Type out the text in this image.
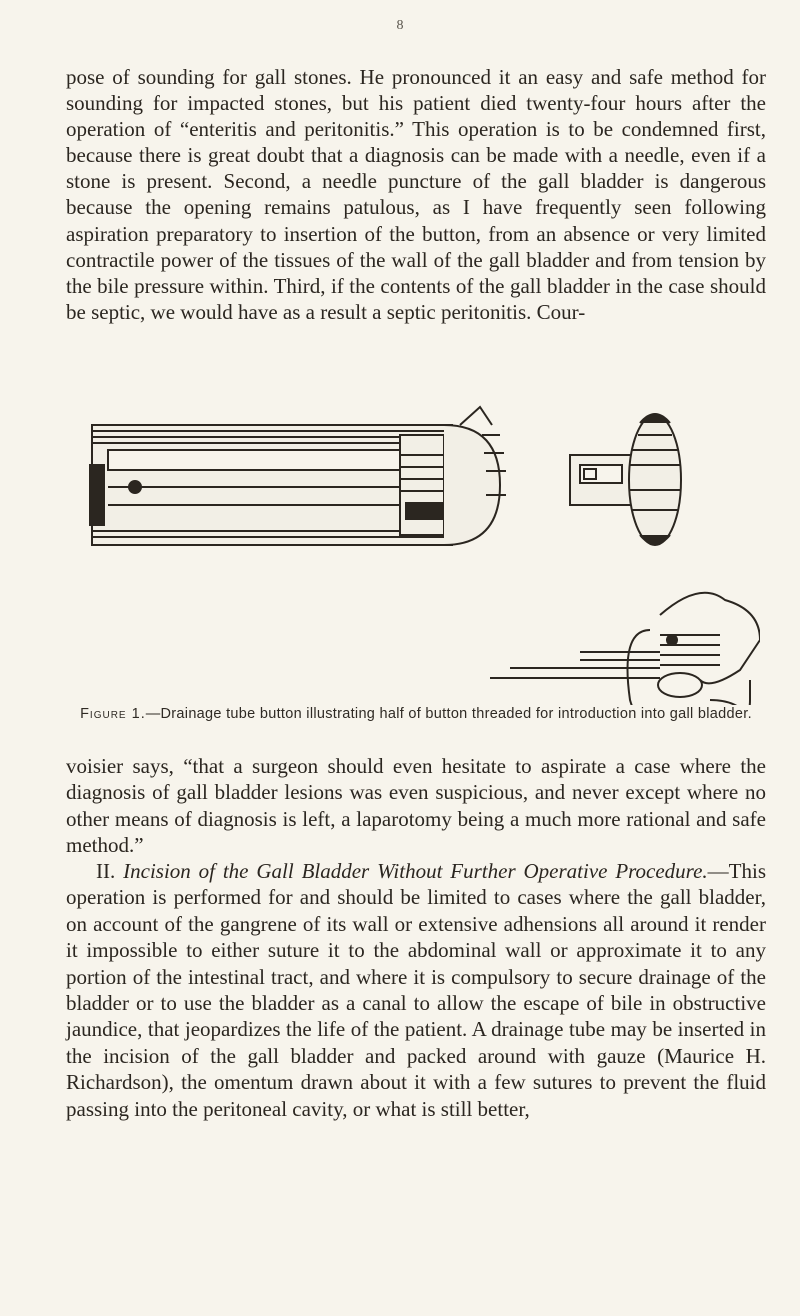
8

pose of sounding for gall stones. He pronounced it an easy and safe method for sounding for impacted stones, but his patient died twenty-four hours after the operation of “enteritis and peritonitis.” This operation is to be condemned first, because there is great doubt that a diagnosis can be made with a needle, even if a stone is present. Second, a needle puncture of the gall bladder is dangerous because the opening remains patulous, as I have frequently seen following aspiration preparatory to insertion of the button, from an absence or very limited contractile power of the tissues of the wall of the gall bladder and from tension by the bile pressure within. Third, if the contents of the gall bladder in the case should be septic, we would have as a result a septic peritonitis. Cour-

Figure 1.—Drainage tube button illustrating half of button threaded for introduction into gall bladder.

voisier says, “that a surgeon should even hesitate to aspirate a case where the diagnosis of gall bladder lesions was even suspicious, and never except where no other means of diagnosis is left, a laparotomy being a much more rational and safe method.”

II. Incision of the Gall Bladder Without Further Operative Procedure.—This operation is performed for and should be limited to cases where the gall bladder, on account of the gangrene of its wall or extensive adhensions all around it render it impossible to either suture it to the abdominal wall or approximate it to any portion of the intestinal tract, and where it is compulsory to secure drainage of the bladder or to use the bladder as a canal to allow the escape of bile in obstructive jaundice, that jeopardizes the life of the patient. A drainage tube may be inserted in the incision of the gall bladder and packed around with gauze (Maurice H. Richardson), the omentum drawn about it with a few sutures to prevent the fluid passing into the peritoneal cavity, or what is still better,
